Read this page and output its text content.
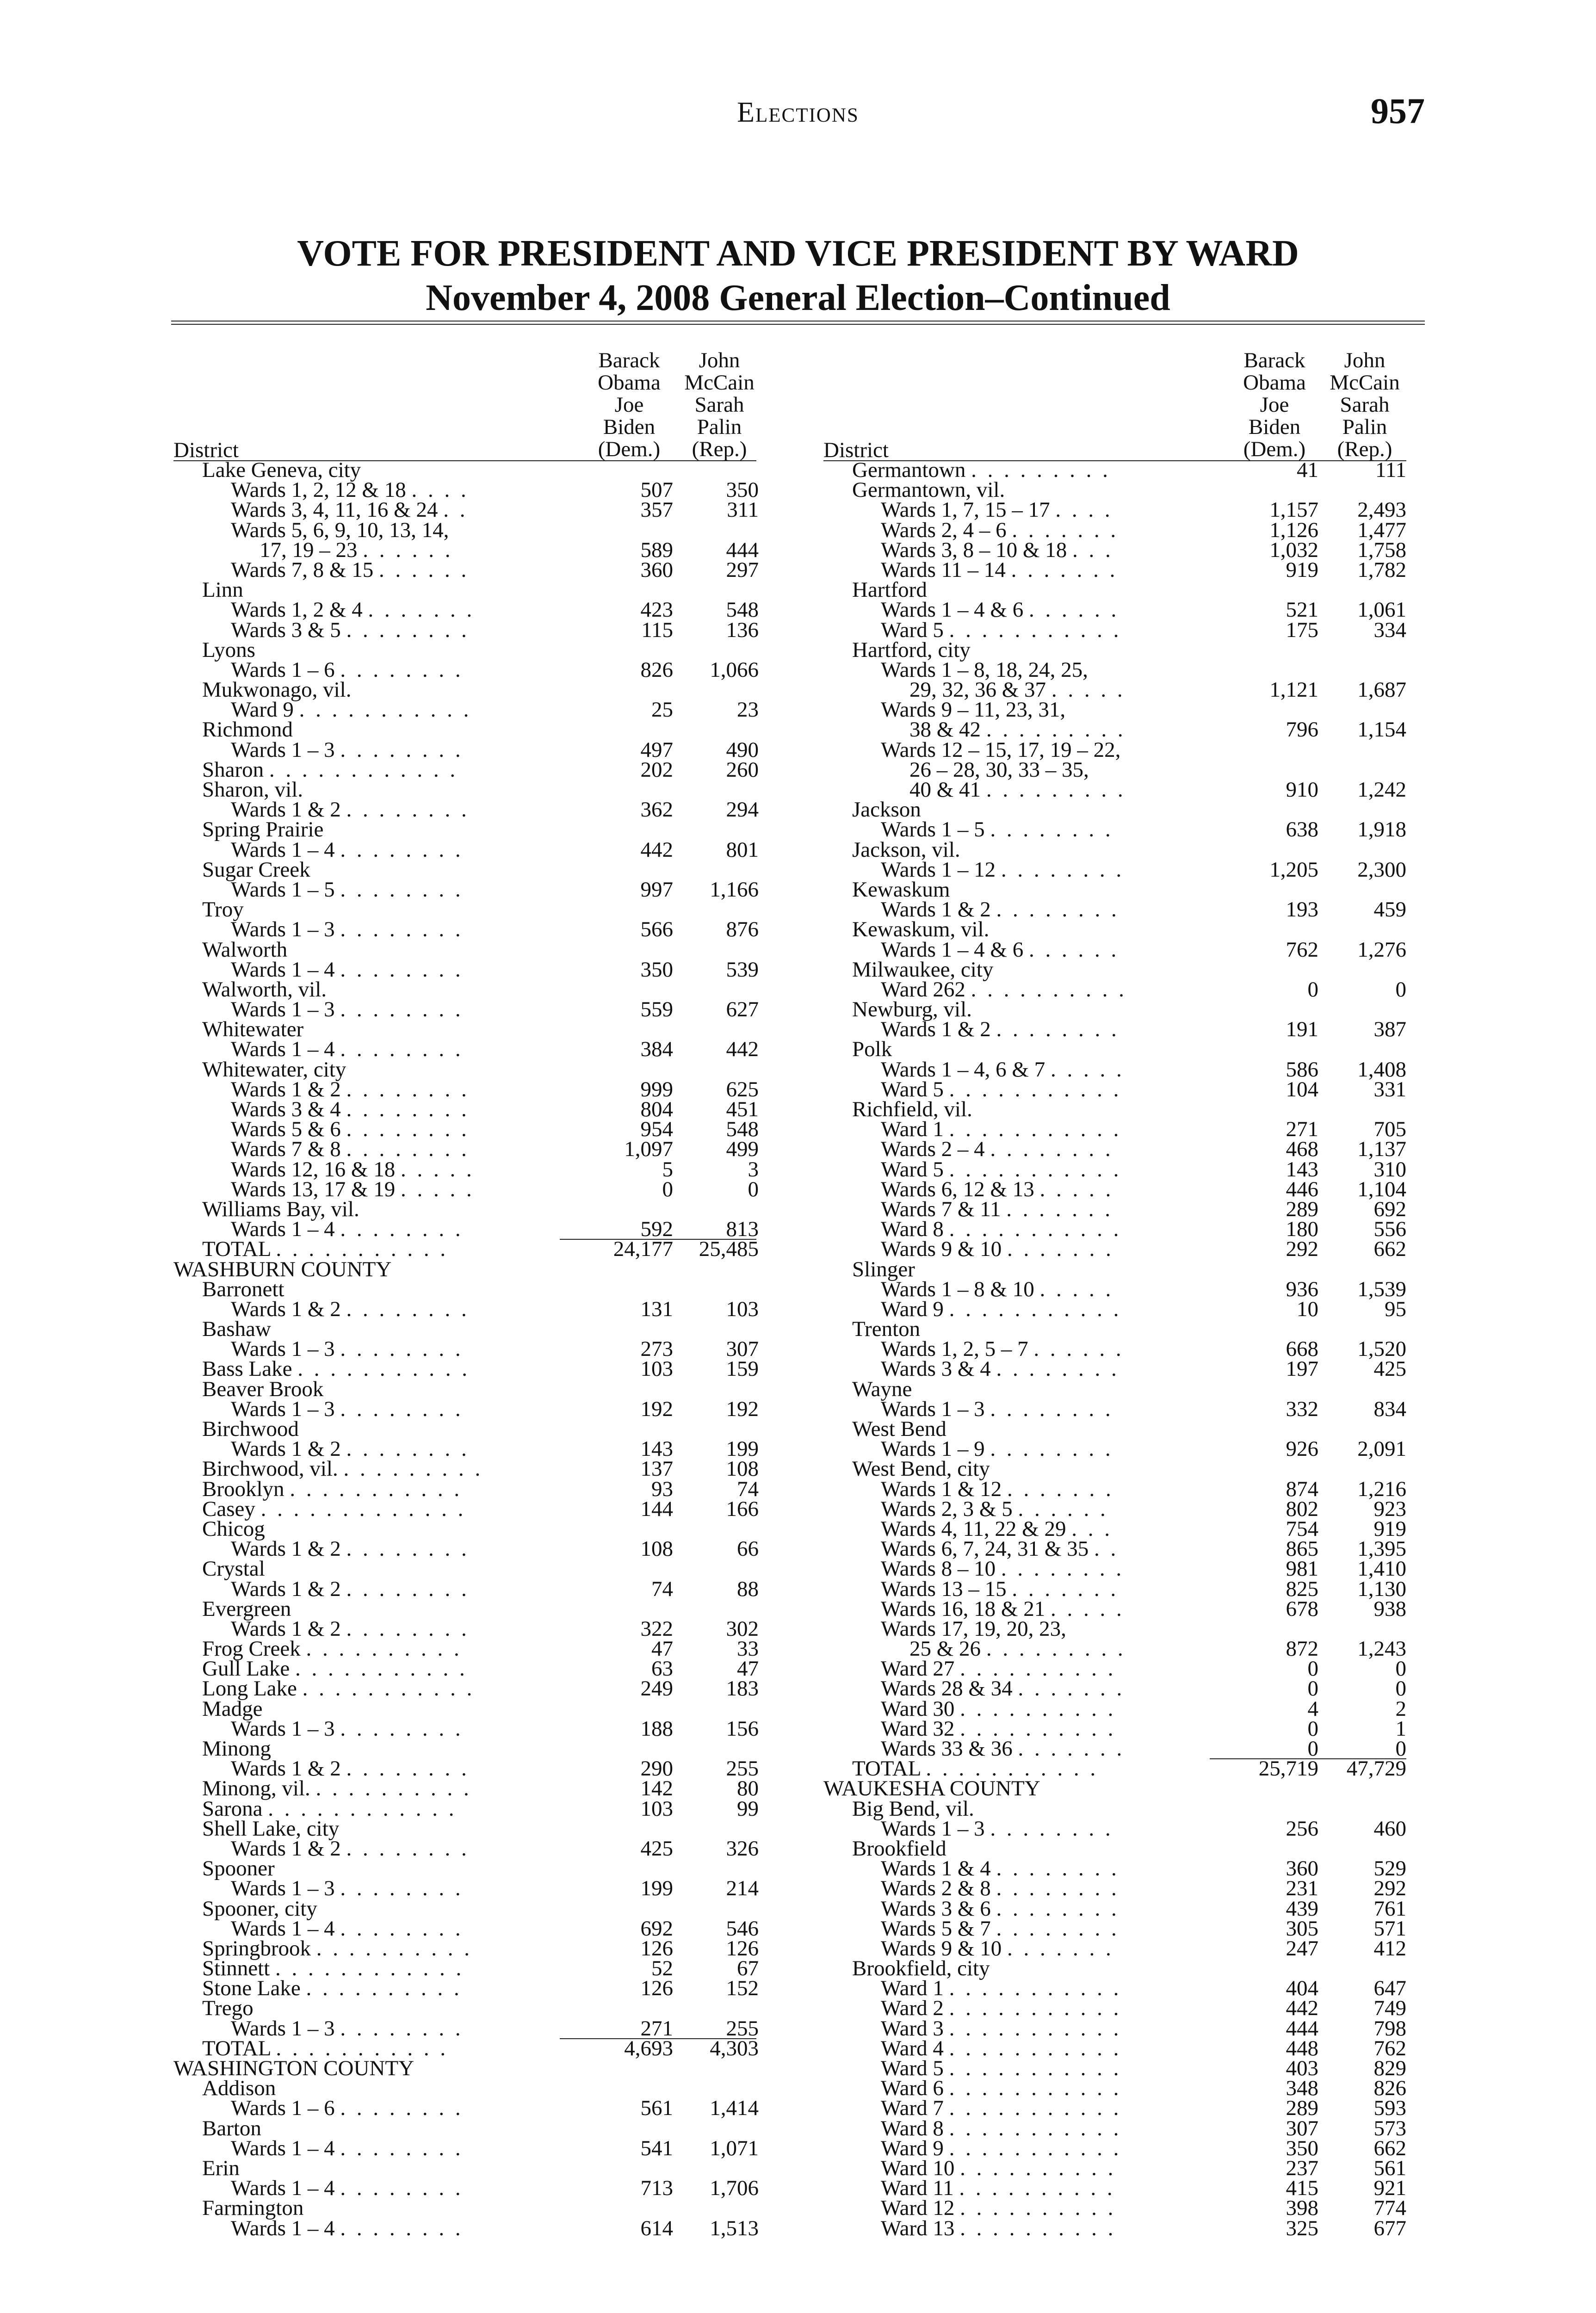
Elections	957
VOTE FOR PRESIDENT AND VICE PRESIDENT BY WARD
November 4, 2008 General Election–Continued
Barack
Obama
Joe
Biden
(Dem.)
John
McCain
Sarah
Palin
(Rep.)
District
Lake Geneva, city
Wards 1, 2, 12 & 18 . . . .	507	350
Wards 3, 4, 11, 16 & 24 . .	357	311
Wards 5, 6, 9, 10, 13, 14,
17, 19 – 23 . . . . . .	589	444
Wards 7, 8 & 15 . . . . . .	360	297
Linn
Wards 1, 2 & 4 . . . . . . .	423	548
Wards 3 & 5 . . . . . . . .	115	136
Lyons
Wards 1 – 6 . . . . . . . .	826	1,066
Mukwonago, vil.
Ward 9 . . . . . . . . . . .	25	23
Richmond
Wards 1 – 3 . . . . . . . .	497	490
Sharon . . . . . . . . . . . .	202	260
Sharon, vil.
Wards 1 & 2 . . . . . . . .	362	294
Spring Prairie
Wards 1 – 4 . . . . . . . .	442	801
Sugar Creek
Wards 1 – 5 . . . . . . . .	997	1,166
Troy
Wards 1 – 3 . . . . . . . .	566	876
Walworth
Wards 1 – 4 . . . . . . . .	350	539
Walworth, vil.
Wards 1 – 3 . . . . . . . .	559	627
Whitewater
Wards 1 – 4 . . . . . . . .	384	442
Whitewater, city
Wards 1 & 2 . . . . . . . .	999	625
Wards 3 & 4 . . . . . . . .	804	451
Wards 5 & 6 . . . . . . . .	954	548
Wards 7 & 8 . . . . . . . .	1,097	499
Wards 12, 16 & 18 . . . . .	5	3
Wards 13, 17 & 19 . . . . .	0	0
Williams Bay, vil.
Wards 1 – 4 . . . . . . . .	592	813
TOTAL . . . . . . . . . . .	24,177	25,485
WASHBURN COUNTY
Barronett
Wards 1 & 2 . . . . . . . .	131	103
Bashaw
Wards 1 – 3 . . . . . . . .	273	307
Bass Lake . . . . . . . . . . .	103	159
Beaver Brook
Wards 1 – 3 . . . . . . . .	192	192
Birchwood
Wards 1 & 2 . . . . . . . .	143	199
Birchwood, vil. . . . . . . . . .	137	108
Brooklyn . . . . . . . . . . .	93	74
Casey . . . . . . . . . . . . .	144	166
Chicog
Wards 1 & 2 . . . . . . . .	108	66
Crystal
Wards 1 & 2 . . . . . . . .	74	88
Evergreen
Wards 1 & 2 . . . . . . . .	322	302
Frog Creek . . . . . . . . . .	47	33
Gull Lake . . . . . . . . . . .	63	47
Long Lake . . . . . . . . . . .	249	183
Madge
Wards 1 – 3 . . . . . . . .	188	156
Minong
Wards 1 & 2 . . . . . . . .	290	255
Minong, vil. . . . . . . . . . .	142	80
Sarona . . . . . . . . . . . .	103	99
Shell Lake, city
Wards 1 & 2 . . . . . . . .	425	326
Spooner
Wards 1 – 3 . . . . . . . .	199	214
Spooner, city
Wards 1 – 4 . . . . . . . .	692	546
Springbrook . . . . . . . . . .	126	126
Stinnett . . . . . . . . . . . .	52	67
Stone Lake . . . . . . . . . .	126	152
Trego
Wards 1 – 3 . . . . . . . .	271	255
TOTAL . . . . . . . . . . .	4,693	4,303
WASHINGTON COUNTY
Addison
Wards 1 – 6 . . . . . . . .	561	1,414
Barton
Wards 1 – 4 . . . . . . . .	541	1,071
Erin
Wards 1 – 4 . . . . . . . .	713	1,706
Farmington
Wards 1 – 4 . . . . . . . .	614	1,513
Barack
Obama
Joe
Biden
(Dem.)
John
McCain
Sarah
Palin
(Rep.)
District
Germantown . . . . . . . . .	41	111
Germantown, vil.
Wards 1, 7, 15 – 17 . . . .	1,157	2,493
Wards 2, 4 – 6 . . . . . . .	1,126	1,477
Wards 3, 8 – 10 & 18 . . .	1,032	1,758
Wards 11 – 14 . . . . . . .	919	1,782
Hartford
Wards 1 – 4 & 6 . . . . . .	521	1,061
Ward 5 . . . . . . . . . . .	175	334
Hartford, city
Wards 1 – 8, 18, 24, 25,
29, 32, 36 & 37 . . . . .	1,121	1,687
Wards 9 – 11, 23, 31,
38 & 42 . . . . . . . . .	796	1,154
Wards 12 – 15, 17, 19 – 22,
26 – 28, 30, 33 – 35,
40 & 41 . . . . . . . . .	910	1,242
Jackson
Wards 1 – 5 . . . . . . . .	638	1,918
Jackson, vil.
Wards 1 – 12 . . . . . . . .	1,205	2,300
Kewaskum
Wards 1 & 2 . . . . . . . .	193	459
Kewaskum, vil.
Wards 1 – 4 & 6 . . . . . .	762	1,276
Milwaukee, city
Ward 262 . . . . . . . . . .	0	0
Newburg, vil.
Wards 1 & 2 . . . . . . . .	191	387
Polk
Wards 1 – 4, 6 & 7 . . . . .	586	1,408
Ward 5 . . . . . . . . . . .	104	331
Richfield, vil.
Ward 1 . . . . . . . . . . .	271	705
Wards 2 – 4 . . . . . . . .	468	1,137
Ward 5 . . . . . . . . . . .	143	310
Wards 6, 12 & 13 . . . . .	446	1,104
Wards 7 & 11 . . . . . . .	289	692
Ward 8 . . . . . . . . . . .	180	556
Wards 9 & 10 . . . . . . .	292	662
Slinger
Wards 1 – 8 & 10 . . . . .	936	1,539
Ward 9 . . . . . . . . . . .	10	95
Trenton
Wards 1, 2, 5 – 7 . . . . . .	668	1,520
Wards 3 & 4 . . . . . . . .	197	425
Wayne
Wards 1 – 3 . . . . . . . .	332	834
West Bend
Wards 1 – 9 . . . . . . . .	926	2,091
West Bend, city
Wards 1 & 12 . . . . . . .	874	1,216
Wards 2, 3 & 5 . . . . . .	802	923
Wards 4, 11, 22 & 29 . . .	754	919
Wards 6, 7, 24, 31 & 35 . .	865	1,395
Wards 8 – 10 . . . . . . . .	981	1,410
Wards 13 – 15 . . . . . . .	825	1,130
Wards 16, 18 & 21 . . . . .	678	938
Wards 17, 19, 20, 23,
25 & 26 . . . . . . . . .	872	1,243
Ward 27 . . . . . . . . . .	0	0
Wards 28 & 34 . . . . . . .	0	0
Ward 30 . . . . . . . . . .	4	2
Ward 32 . . . . . . . . . .	0	1
Wards 33 & 36 . . . . . . .	0	0
TOTAL . . . . . . . . . . .	25,719	47,729
WAUKESHA COUNTY
Big Bend, vil.
Wards 1 – 3 . . . . . . . .	256	460
Brookfield
Wards 1 & 4 . . . . . . . .	360	529
Wards 2 & 8 . . . . . . . .	231	292
Wards 3 & 6 . . . . . . . .	439	761
Wards 5 & 7 . . . . . . . .	305	571
Wards 9 & 10 . . . . . . .	247	412
Brookfield, city
Ward 1 . . . . . . . . . . .	404	647
Ward 2 . . . . . . . . . . .	442	749
Ward 3 . . . . . . . . . . .	444	798
Ward 4 . . . . . . . . . . .	448	762
Ward 5 . . . . . . . . . . .	403	829
Ward 6 . . . . . . . . . . .	348	826
Ward 7 . . . . . . . . . . .	289	593
Ward 8 . . . . . . . . . . .	307	573
Ward 9 . . . . . . . . . . .	350	662
Ward 10 . . . . . . . . . .	237	561
Ward 11 . . . . . . . . . .	415	921
Ward 12 . . . . . . . . . .	398	774
Ward 13 . . . . . . . . . .	325	677
